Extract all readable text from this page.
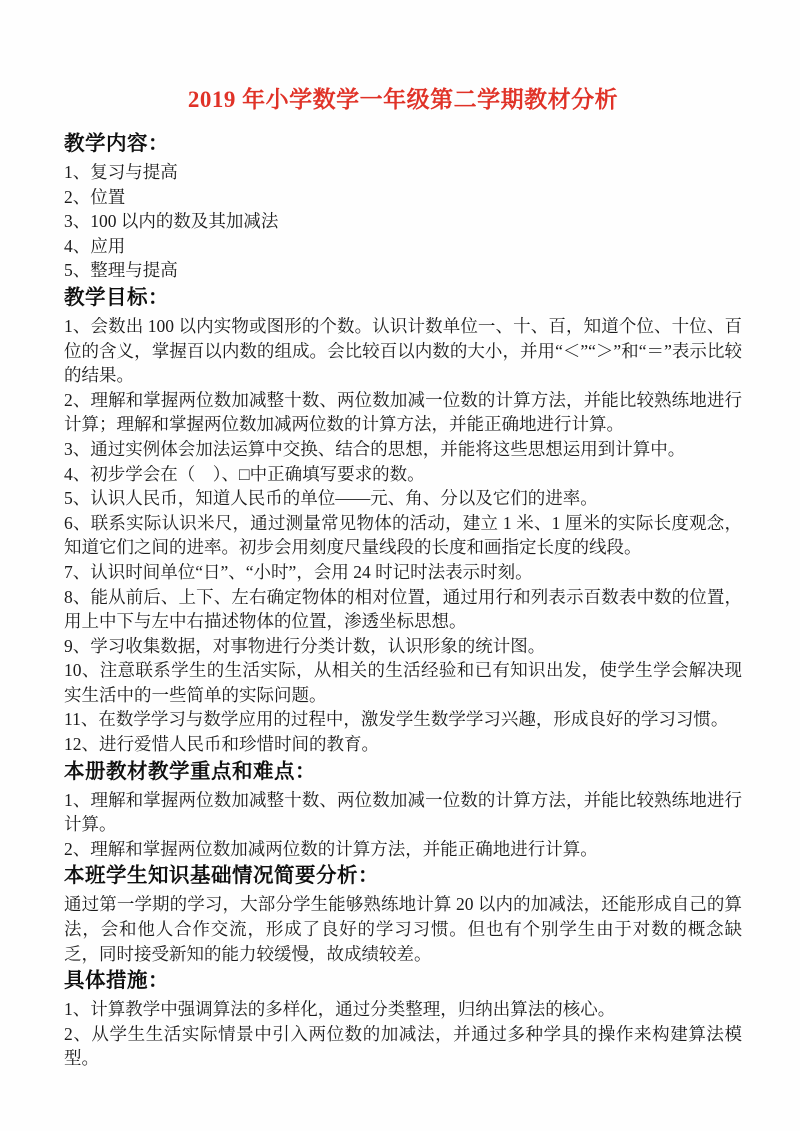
2019 年小学数学一年级第二学期教材分析
教学内容：

1、复习与提高

2、位置

3、100 以内的数及其加减法

4、应用

5、整理与提高

教学目标：

1、会数出 100 以内实物或图形的个数。认识计数单位一、十、百，知道个位、十位、百位的含义，掌握百以内数的组成。会比较百以内数的大小，并用“＜”“＞”和“＝”表示比较的结果。

2、理解和掌握两位数加减整十数、两位数加减一位数的计算方法，并能比较熟练地进行计算；理解和掌握两位数加减两位数的计算方法，并能正确地进行计算。

3、通过实例体会加法运算中交换、结合的思想，并能将这些思想运用到计算中。

4、初步学会在（　）、□中正确填写要求的数。

5、认识人民币，知道人民币的单位——元、角、分以及它们的进率。

6、联系实际认识米尺，通过测量常见物体的活动，建立 1 米、1 厘米的实际长度观念，知道它们之间的进率。初步会用刻度尺量线段的长度和画指定长度的线段。

7、认识时间单位“日”、“小时”，会用 24 时记时法表示时刻。

8、能从前后、上下、左右确定物体的相对位置，通过用行和列表示百数表中数的位置，用上中下与左中右描述物体的位置，渗透坐标思想。

9、学习收集数据，对事物进行分类计数，认识形象的统计图。

10、注意联系学生的生活实际，从相关的生活经验和已有知识出发，使学生学会解决现实生活中的一些简单的实际问题。

11、在数学学习与数学应用的过程中，激发学生数学学习兴趣，形成良好的学习习惯。

12、进行爱惜人民币和珍惜时间的教育。

本册教材教学重点和难点：

1、理解和掌握两位数加减整十数、两位数加减一位数的计算方法，并能比较熟练地进行计算。

2、理解和掌握两位数加减两位数的计算方法，并能正确地进行计算。

本班学生知识基础情况简要分析：

通过第一学期的学习，大部分学生能够熟练地计算 20 以内的加减法，还能形成自己的算法，会和他人合作交流，形成了良好的学习习惯。但也有个别学生由于对数的概念缺乏，同时接受新知的能力较缓慢，故成绩较差。

具体措施：

1、计算教学中强调算法的多样化，通过分类整理，归纳出算法的核心。

2、从学生生活实际情景中引入两位数的加减法，并通过多种学具的操作来构建算法模型。
